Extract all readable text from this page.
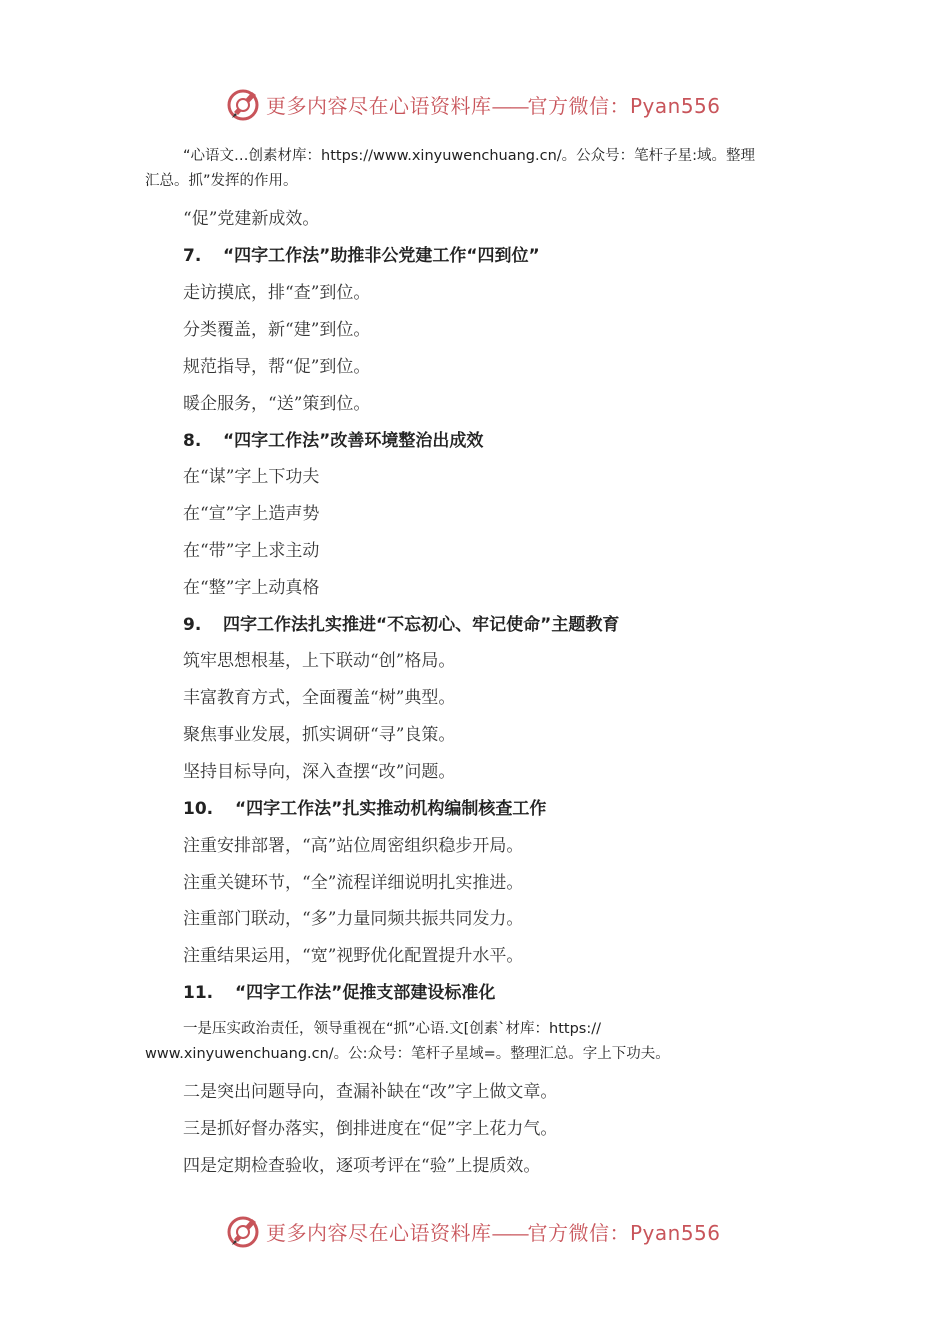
更多内容尽在心语资料库——官方微信：Pyan556
“心语文…创素材库：https://www.xinyuwenchuang.cn/。公众号：笔杆子星:域。整理
汇总。抓”发挥的作用。
“促”党建新成效。
7. “四字工作法”助推非公党建工作“四到位”
走访摸底，排“查”到位。
分类覆盖，新“建”到位。
规范指导，帮“促”到位。
暖企服务，“送”策到位。
8. “四字工作法”改善环境整治出成效
在“谋”字上下功夫
在“宣”字上造声势
在“带”字上求主动
在“整”字上动真格
9. 四字工作法扎实推进“不忘初心、牢记使命”主题教育
筑牢思想根基，上下联动“创”格局。
丰富教育方式，全面覆盖“树”典型。
聚焦事业发展，抓实调研“寻”良策。
坚持目标导向，深入查摆“改”问题。
10. “四字工作法”扎实推动机构编制核查工作
注重安排部署，“高”站位周密组织稳步开局。
注重关键环节，“全”流程详细说明扎实推进。
注重部门联动，“多”力量同频共振共同发力。
注重结果运用，“宽”视野优化配置提升水平。
11. “四字工作法”促推支部建设标准化
一是压实政治责任，领导重视在“抓”心语.文[创素`材库：https://
www.xinyuwenchuang.cn/。公:众号：笔杆子星域=。整理汇总。字上下功夫。
二是突出问题导向，查漏补缺在“改”字上做文章。
三是抓好督办落实，倒排进度在“促”字上花力气。
四是定期检查验收，逐项考评在“验”上提质效。
更多内容尽在心语资料库——官方微信：Pyan556
